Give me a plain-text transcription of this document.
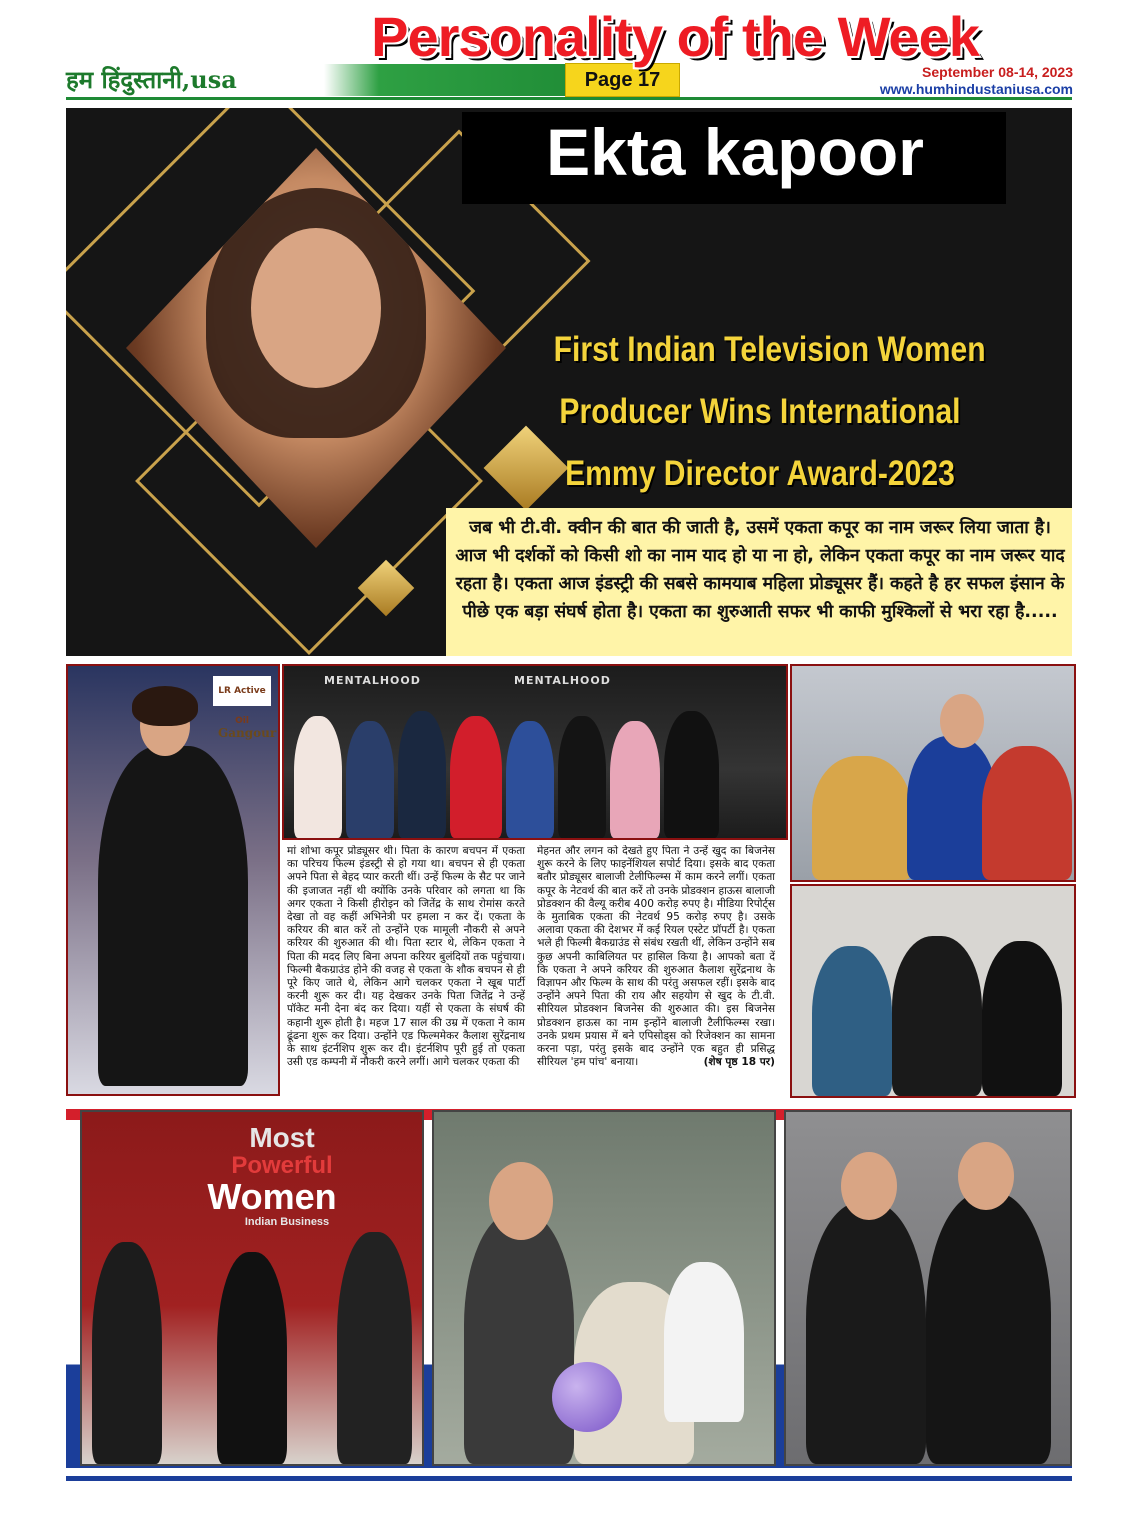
हम हिंदुस्तानी,usa	Page 17	September 08-14, 2023
www.humhindustaniusa.com
Personality of the Week
Ekta kapoor
First Indian Television Women
Producer Wins International
Emmy Director Award-2023
जब भी टी.वी. क्वीन की बात की जाती है, उसमें एकता कपूर का नाम जरूर लिया जाता है। आज भी दर्शकों को किसी शो का नाम याद हो या ना हो, लेकिन एकता कपूर का नाम जरूर याद रहता है। एकता आज इंडस्ट्री की सबसे कामयाब महिला प्रोड्यूसर हैं। कहते है हर सफल इंसान के पीछे एक बड़ा संघर्ष होता है। एकता का शुरुआती सफर भी काफी मुश्किलों से भरा रहा है.....
LR Active Oil
Gangour
MENTALHOOD	MENTALHOOD
मां शोभा कपूर प्रोड्यूसर थी। पिता के कारण बचपन में एकता का परिचय फिल्म इंडस्ट्री से हो गया था। बचपन से ही एकता अपने पिता से बेहद प्यार करती थीं। उन्हें फिल्म के सैट पर जाने की इजाजत नहीं थी क्योंकि उनके परिवार को लगता था कि अगर एकता ने किसी हीरोइन को जितेंद्र के साथ रोमांस करते देखा तो वह कहीं अभिनेत्री पर हमला न कर दें। एकता के करियर की बात करें तो उन्होंने एक मामूली नौकरी से अपने करियर की शुरुआत की थी। पिता स्टार थे, लेकिन एकता ने पिता की मदद लिए बिना अपना करियर बुलंदियों तक पहुंचाया। फिल्मी बैकग्राउंड होने की वजह से एकता के शौक बचपन से ही पूरे किए जाते थे, लेकिन आगे चलकर एकता ने खूब पार्टी करनी शुरू कर दी। यह देखकर उनके पिता जितेंद्र ने उन्हें पॉकेट मनी देना बंद कर दिया। यहीं से एकता के संघर्ष की कहानी शुरू होती है। महज 17 साल की उम्र में एकता ने काम ढूंढना शुरू कर दिया। उन्होंने एड फिल्ममेकर कैलाश सुरेंद्रनाथ के साथ इंटर्नशिप शुरू कर दी। इंटर्नशिप पूरी हुई तो एकता उसी एड कम्पनी में नौकरी करने लगीं। आगे चलकर एकता की
मेहनत और लगन को देखते हुए पिता ने उन्हें खुद का बिजनेस शुरू करने के लिए फाइनेंशियल सपोर्ट दिया। इसके बाद एकता बतौर प्रोड्यूसर बालाजी टेलीफिल्म्स में काम करने लगीं। एकता कपूर के नेटवर्थ की बात करें तो उनके प्रोडक्शन हाऊस बालाजी प्रोडक्शन की वैल्यू करीब 400 करोड़ रुपए है। मीडिया रिपोर्ट्स के मुताबिक एकता की नेटवर्थ 95 करोड़ रुपए है। उसके अलावा एकता की देशभर में कई रियल एस्टेट प्रॉपर्टी है। एकता भले ही फिल्मी बैकग्राउंड से संबंध रखती थीं, लेकिन उन्होंने सब कुछ अपनी काबिलियत पर हासिल किया है। आपको बता दें कि एकता ने अपने करियर की शुरुआत कैलाश सुरेंद्रनाथ के विज्ञापन और फिल्म के साथ की परंतु असफल रहीं। इसके बाद उन्होंने अपने पिता की राय और सहयोग से खुद के टी.वी. सीरियल प्रोडक्शन बिजनेस की शुरुआत की। इस बिजनेस प्रोडक्शन हाऊस का नाम इन्होंने बालाजी टैलीफिल्म्स रखा। उनके प्रथम प्रयास में बने एपिसोड्स को रिजेक्शन का सामना करना पड़ा, परंतु इसके बाद उन्होंने एक बहुत ही प्रसिद्ध सीरियल 'हम पांच' बनाया।	(शेष पृष्ठ 18 पर)
Most
Powerful
Women
Indian Business
